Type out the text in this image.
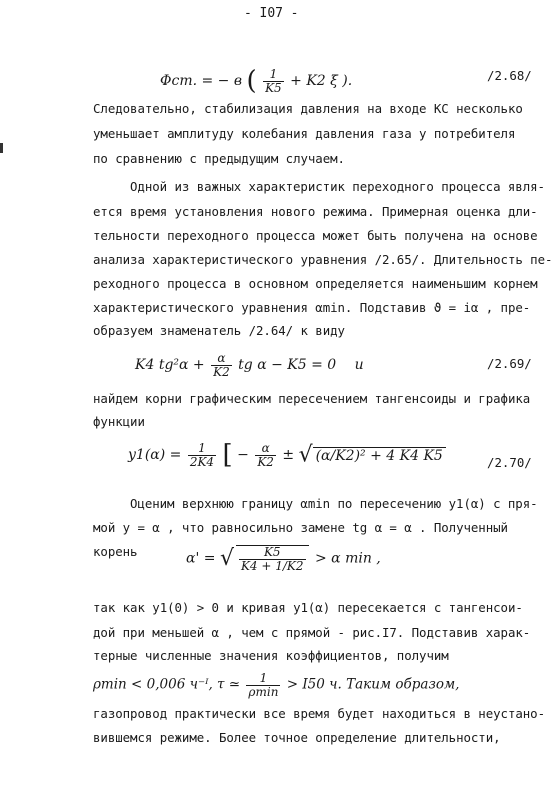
- I07 -
Φст. = − в ( $\frac{1}{K5} + K2$ ξ ).	/2.68/
Следовательно, стабилизация давления на входе КС несколько
уменьшает амплитуду колебания давления газа у потребителя
по сравнению с предыдущим случаем.
Одной из важных характеристик переходного процесса явля-
ется время установления нового режима. Примерная оценка дли-
тельности переходного процесса может быть получена на основе
анализа характеристического уравнения /2.65/. Длительность пе-
реходного процесса в основном определяется наименьшим корнем
характеристического уравнения αmin. Подставив ϑ = iα , пре-
образуем знаменатель /2.64/ к виду
K4 $tg^2\alpha + \frac{\alpha}{K2}$ tg α − K5 = 0 и	/2.69/
найдем корни графическим пересечением тангенсоиды и графика
функции
$y1(\alpha) = \frac{1}{2K4}$ [ − $\frac{\alpha}{K2}$ ± √ (α/K2)² + 4 K4 K5	/2.70/
Оценим верхнюю границу αmin по пересечению y1(α) с пря-
мой y = α , что равносильно замене tg α = α . Полученный
корень	α' = √ $\frac{K5}{K4 + 1/K2} > \alpha$ min ,
так как y1(0) > 0 и кривая y1(α) пересекается с тангенсои-
дой при меньшей α , чем с прямой - рис.I7. Подставив харак-
терные численные значения коэффициентов, получим
ρmin < 0,006 ч⁻ᴵ, τ ≃ $\frac{1}{\rho\min} > I50$ ч. Таким образом,
газопровод практически все время будет находиться в неустано-
вившемся режиме. Более точное определение длительности,
